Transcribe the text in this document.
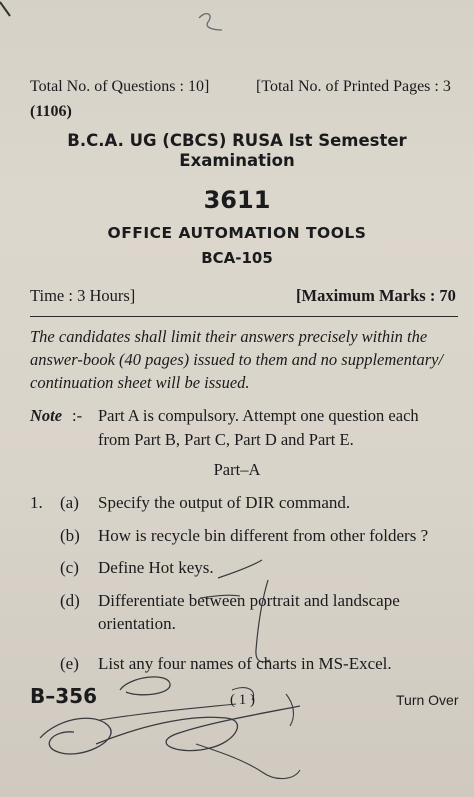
Total No. of Questions : 10]	[Total No. of Printed Pages : 3
(1106)
B.C.A. UG (CBCS) RUSA Ist Semester
Examination
3611
OFFICE AUTOMATION TOOLS
BCA-105
Time : 3 Hours]	[Maximum Marks : 70
The candidates shall limit their answers precisely within the
answer-book (40 pages) issued to them and no supplementary/
continuation sheet will be issued.
Note :- Part A is compulsory. Attempt one question each
from Part B, Part C, Part D and Part E.
Part–A
1. (a) Specify the output of DIR command.
(b) How is recycle bin different from other folders ?
(c) Define Hot keys.
(d) Differentiate between portrait and landscape
orientation.
(e) List any four names of charts in MS-Excel.
B–356	( 1 )	Turn Over
